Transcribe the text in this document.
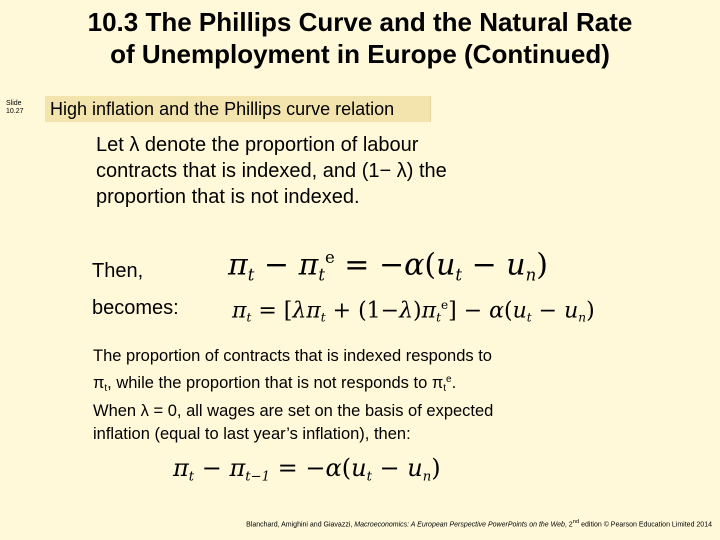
10.3 The Phillips Curve and the Natural Rate
of Unemployment in Europe (Continued)
Slide
10.27 High inflation and the Phillips curve relation
Let λ denote the proportion of labour
contracts that is indexed, and (1− λ) the
proportion that is not indexed.
Then,
becomes:
$\pi_t - \pi_t^e = -\alpha(u_t - u_n)$
$\pi_t = [\lambda\pi_t + (1-\lambda)\pi_t^e] - \alpha(u_t - u_n)$
The proportion of contracts that is indexed responds to
$\pi_t$, while the proportion that is not responds to $\pi_t^e$.
When λ = 0, all wages are set on the basis of expected
inflation (equal to last year’s inflation), then:
$\pi_t - \pi_{t-1} = -\alpha(u_t - u_n)$
Blanchard, Amighini and Giavazzi, Macroeconomics: A European Perspective PowerPoints on the Web, 2nd edition © Pearson Education Limited 2014
